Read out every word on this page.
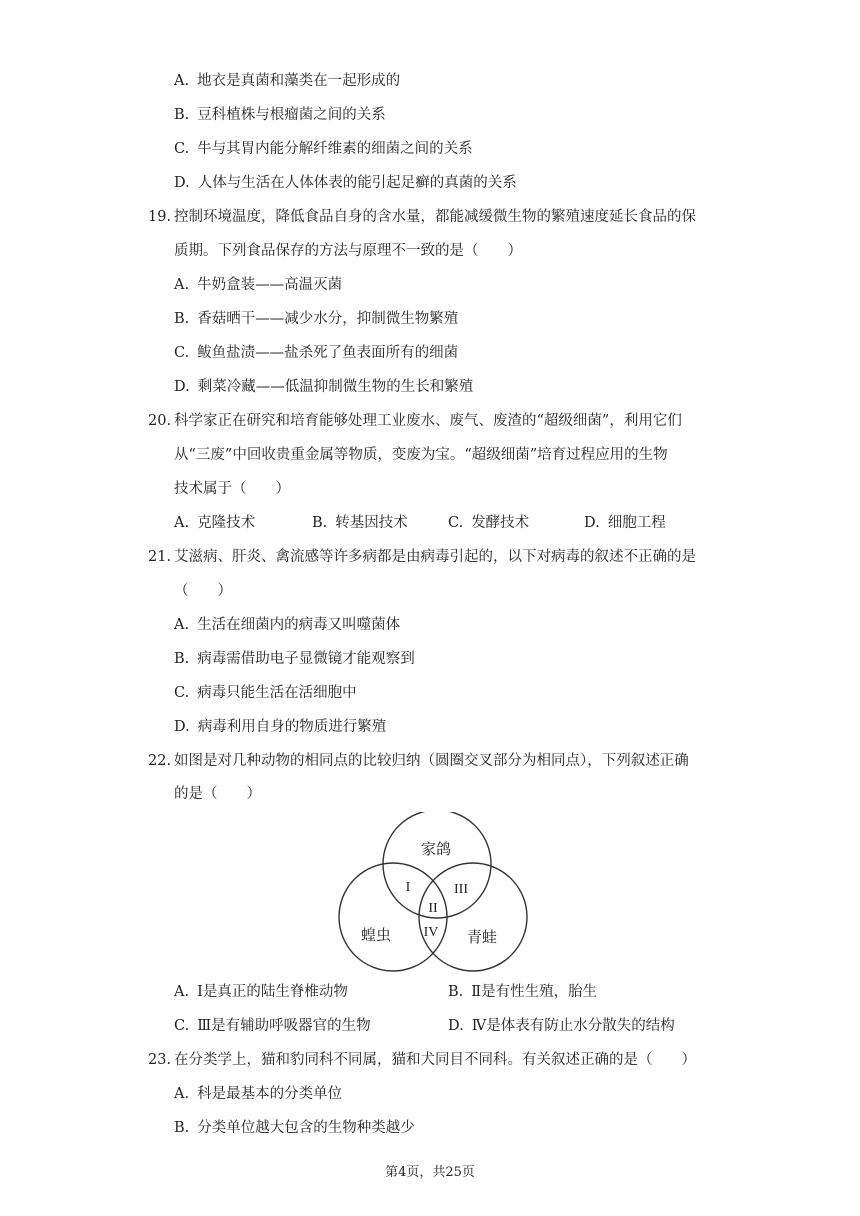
A. 地衣是真菌和藻类在一起形成的
B. 豆科植株与根瘤菌之间的关系
C. 牛与其胃内能分解纤维素的细菌之间的关系
D. 人体与生活在人体体表的能引起足癣的真菌的关系
19. 控制环境温度，降低食品自身的含水量，都能减缓微生物的繁殖速度延长食品的保
质期。下列食品保存的方法与原理不一致的是（　　）
A. 牛奶盒装——高温灭菌
B. 香菇晒干——减少水分，抑制微生物繁殖
C. 鲅鱼盐渍——盐杀死了鱼表面所有的细菌
D. 剩菜冷藏——低温抑制微生物的生长和繁殖
20. 科学家正在研究和培育能够处理工业废水、废气、废渣的“超级细菌”，利用它们
从“三废”中回收贵重金属等物质，变废为宝。“超级细菌”培育过程应用的生物
技术属于（　　）
A. 克隆技术	B. 转基因技术	C. 发酵技术	D. 细胞工程
21. 艾滋病、肝炎、禽流感等许多病都是由病毒引起的，以下对病毒的叙述不正确的是
（　　）
A. 生活在细菌内的病毒又叫噬菌体
B. 病毒需借助电子显微镜才能观察到
C. 病毒只能生活在活细胞中
D. 病毒利用自身的物质进行繁殖
22. 如图是对几种动物的相同点的比较归纳（圆圈交叉部分为相同点），下列叙述正确
的是（　　）
家鸽
蝗虫	青蛙
I
II
III
IV
A. Ⅰ是真正的陆生脊椎动物	B. Ⅱ是有性生殖，胎生
C. Ⅲ是有辅助呼吸器官的生物	D. Ⅳ是体表有防止水分散失的结构
23. 在分类学上，猫和豹同科不同属，猫和犬同目不同科。有关叙述正确的是（　　）
A. 科是最基本的分类单位
B. 分类单位越大包含的生物种类越少
第4页，共25页
